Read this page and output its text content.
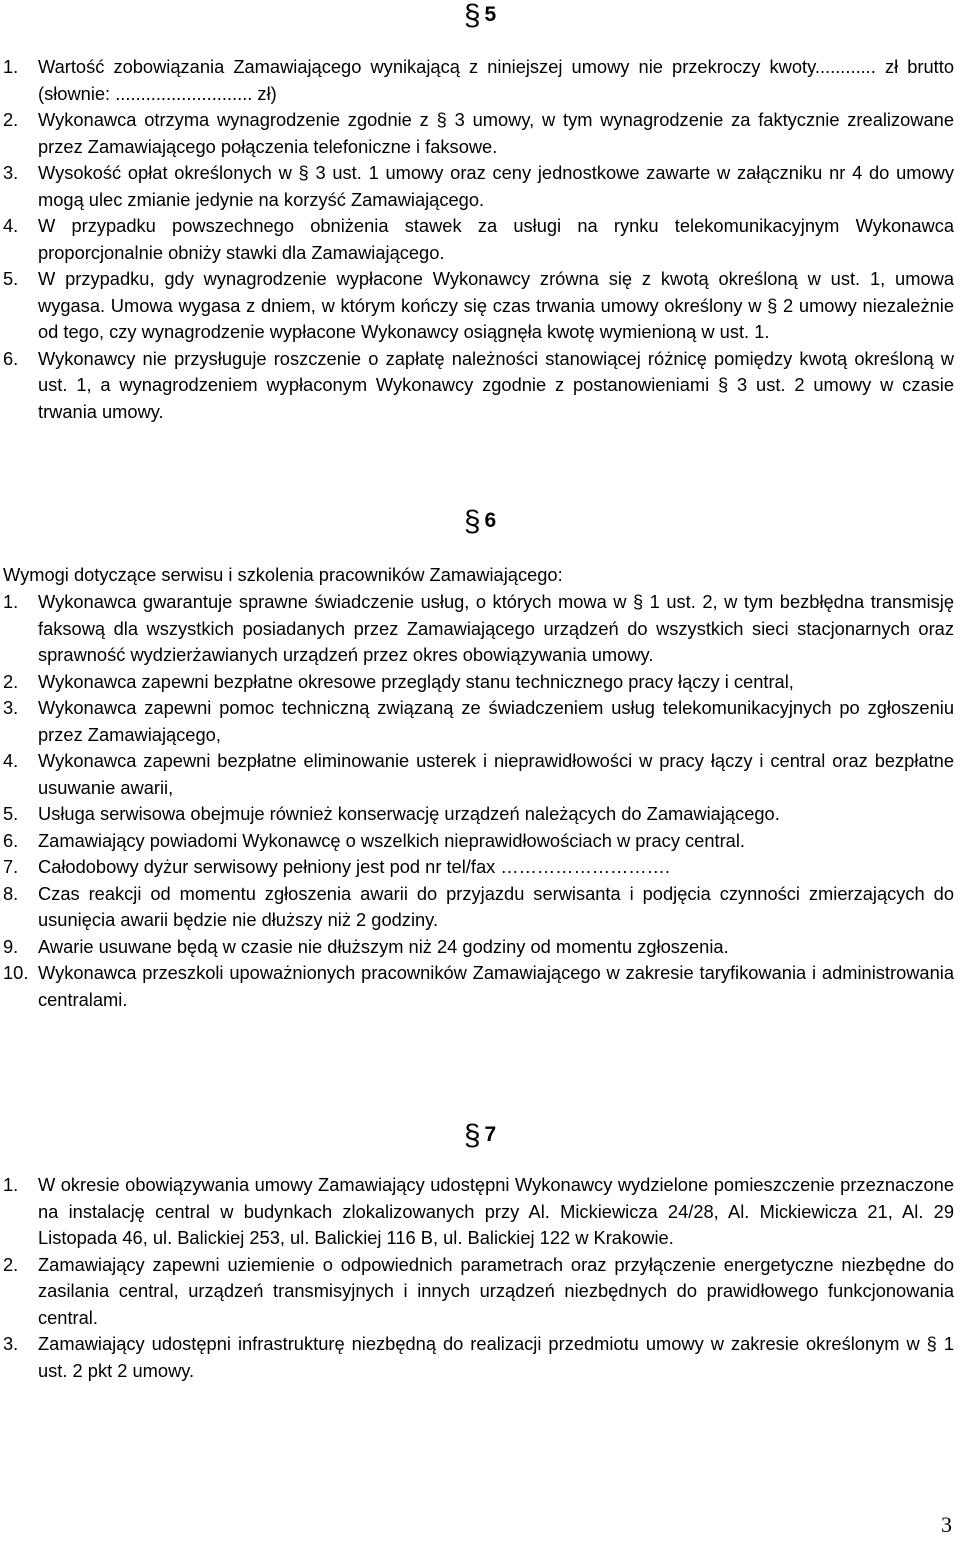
§ 5
1. Wartość zobowiązania Zamawiającego wynikającą z niniejszej umowy nie przekroczy kwoty............ zł brutto (słownie: ........................... zł)
2. Wykonawca otrzyma wynagrodzenie zgodnie z § 3 umowy, w tym wynagrodzenie za faktycznie zrealizowane przez Zamawiającego połączenia telefoniczne i faksowe.
3. Wysokość opłat określonych w § 3 ust. 1 umowy oraz ceny jednostkowe zawarte w załączniku nr 4 do umowy mogą ulec zmianie jedynie na korzyść Zamawiającego.
4. W przypadku powszechnego obniżenia stawek za usługi na rynku telekomunikacyjnym Wykonawca proporcjonalnie obniży stawki dla Zamawiającego.
5. W przypadku, gdy wynagrodzenie wypłacone Wykonawcy zrówna się z kwotą określoną w ust. 1, umowa wygasa. Umowa wygasa z dniem, w którym kończy się czas trwania umowy określony w § 2 umowy niezależnie od tego, czy wynagrodzenie wypłacone Wykonawcy osiągnęła kwotę wymienioną w ust. 1.
6. Wykonawcy nie przysługuje roszczenie o zapłatę należności stanowiącej różnicę pomiędzy kwotą określoną w ust. 1, a wynagrodzeniem wypłaconym Wykonawcy zgodnie z postanowieniami § 3 ust. 2 umowy w czasie trwania umowy.
§ 6

Wymogi dotyczące serwisu i szkolenia pracowników Zamawiającego:

1. Wykonawca gwarantuje sprawne świadczenie usług, o których mowa w § 1 ust. 2, w tym bezbłędna transmisję faksową dla wszystkich posiadanych przez Zamawiającego urządzeń do wszystkich sieci stacjonarnych oraz sprawność wydzierżawianych urządzeń przez okres obowiązywania umowy.
2. Wykonawca zapewni bezpłatne okresowe przeglądy stanu technicznego pracy łączy i central,
3. Wykonawca zapewni pomoc techniczną związaną ze świadczeniem usług telekomunikacyjnych po zgłoszeniu przez Zamawiającego,
4. Wykonawca zapewni bezpłatne eliminowanie usterek i nieprawidłowości w pracy łączy i central oraz bezpłatne usuwanie awarii,
5. Usługa serwisowa obejmuje również konserwację urządzeń należących do Zamawiającego.
6. Zamawiający powiadomi Wykonawcę o wszelkich nieprawidłowościach w pracy central.
7. Całodobowy dyżur serwisowy pełniony jest pod nr tel/fax ……………………….
8. Czas reakcji od momentu zgłoszenia awarii do przyjazdu serwisanta i podjęcia czynności zmierzających do usunięcia awarii będzie nie dłuższy niż 2 godziny.
9. Awarie usuwane będą w czasie nie dłuższym niż 24 godziny od momentu zgłoszenia.
10. Wykonawca przeszkoli upoważnionych pracowników Zamawiającego w zakresie taryfikowania i administrowania centralami.
§ 7
1. W okresie obowiązywania umowy Zamawiający udostępni Wykonawcy wydzielone pomieszczenie przeznaczone na instalację central w budynkach zlokalizowanych przy Al. Mickiewicza 24/28, Al. Mickiewicza 21, Al. 29 Listopada 46, ul. Balickiej 253, ul. Balickiej 116 B, ul. Balickiej 122 w Krakowie.
2. Zamawiający zapewni uziemienie o odpowiednich parametrach oraz przyłączenie energetyczne niezbędne do zasilania central, urządzeń transmisyjnych i innych urządzeń niezbędnych do prawidłowego funkcjonowania central.
3. Zamawiający udostępni infrastrukturę niezbędną do realizacji przedmiotu umowy w zakresie określonym w § 1 ust. 2 pkt 2 umowy.
3
